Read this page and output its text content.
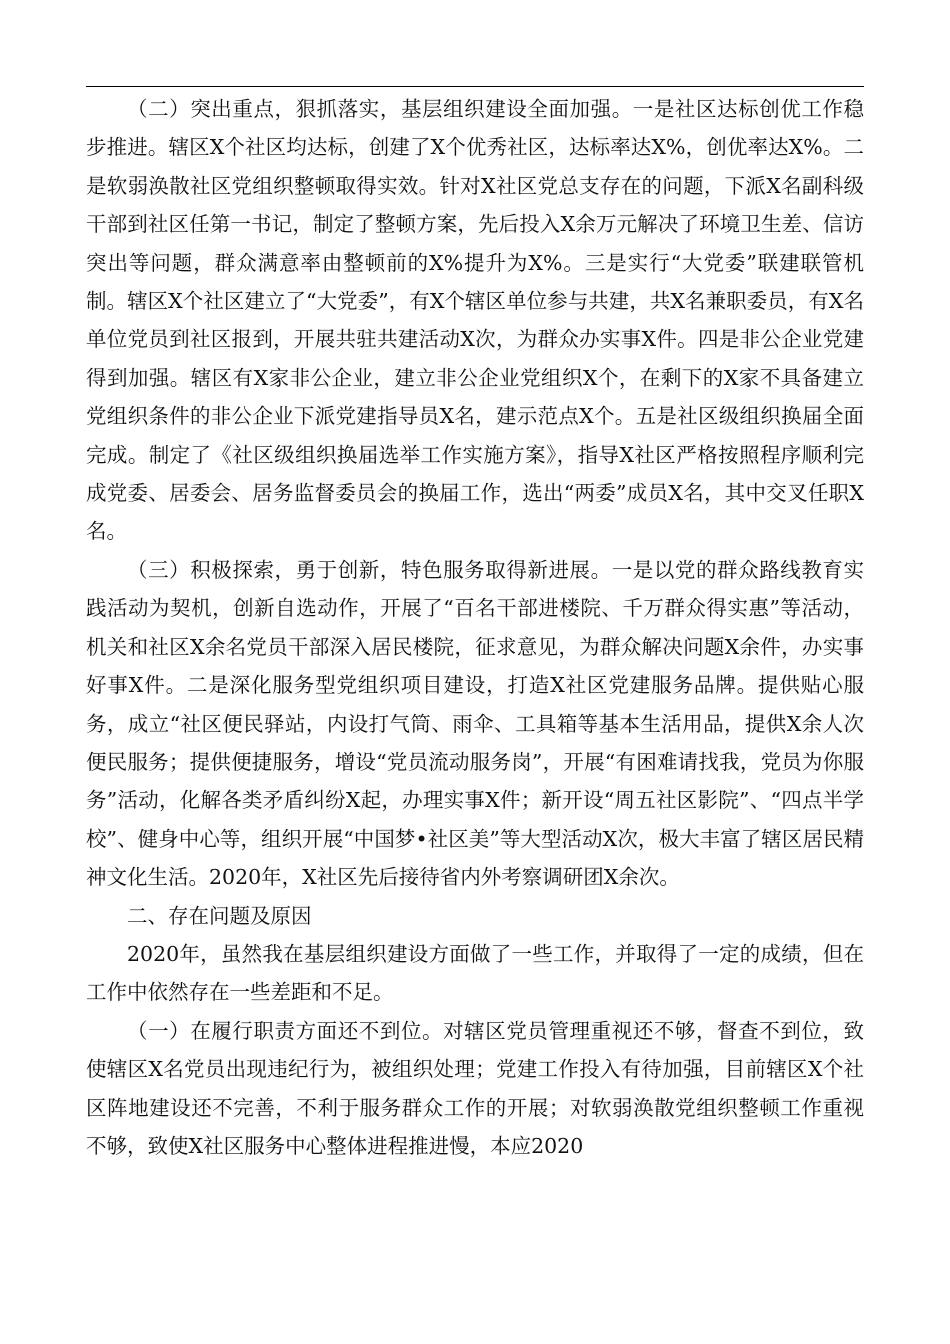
（二）突出重点，狠抓落实，基层组织建设全面加强。一是社区达标创优工作稳步推进。辖区X个社区均达标，创建了X个优秀社区，达标率达X%，创优率达X%。二是软弱涣散社区党组织整顿取得实效。针对X社区党总支存在的问题，下派X名副科级干部到社区任第一书记，制定了整顿方案，先后投入X余万元解决了环境卫生差、信访突出等问题，群众满意率由整顿前的X%提升为X%。三是实行“大党委”联建联管机制。辖区X个社区建立了“大党委”，有X个辖区单位参与共建，共X名兼职委员，有X名单位党员到社区报到，开展共驻共建活动X次，为群众办实事X件。四是非公企业党建得到加强。辖区有X家非公企业，建立非公企业党组织X个，在剩下的X家不具备建立党组织条件的非公企业下派党建指导员X名，建示范点X个。五是社区级组织换届全面完成。制定了《社区级组织换届选举工作实施方案》，指导X社区严格按照程序顺利完成党委、居委会、居务监督委员会的换届工作，选出“两委”成员X名，其中交叉任职X名。

（三）积极探索，勇于创新，特色服务取得新进展。一是以党的群众路线教育实践活动为契机，创新自选动作，开展了“百名干部进楼院、千万群众得实惠”等活动，机关和社区X余名党员干部深入居民楼院，征求意见，为群众解决问题X余件，办实事好事X件。二是深化服务型党组织项目建设，打造X社区党建服务品牌。提供贴心服务，成立“社区便民驿站，内设打气筒、雨伞、工具箱等基本生活用品，提供X余人次便民服务；提供便捷服务，增设“党员流动服务岗”，开展“有困难请找我，党员为你服务”活动，化解各类矛盾纠纷X起，办理实事X件；新开设“周五社区影院”、“四点半学校”、健身中心等，组织开展“中国梦•社区美”等大型活动X次，极大丰富了辖区居民精神文化生活。2020年，X社区先后接待省内外考察调研团X余次。

二、存在问题及原因

2020年，虽然我在基层组织建设方面做了一些工作，并取得了一定的成绩，但在工作中依然存在一些差距和不足。

（一）在履行职责方面还不到位。对辖区党员管理重视还不够，督查不到位，致使辖区X名党员出现违纪行为，被组织处理；党建工作投入有待加强，目前辖区X个社区阵地建设还不完善，不利于服务群众工作的开展；对软弱涣散党组织整顿工作重视不够，致使X社区服务中心整体进程推进慢，本应2020
